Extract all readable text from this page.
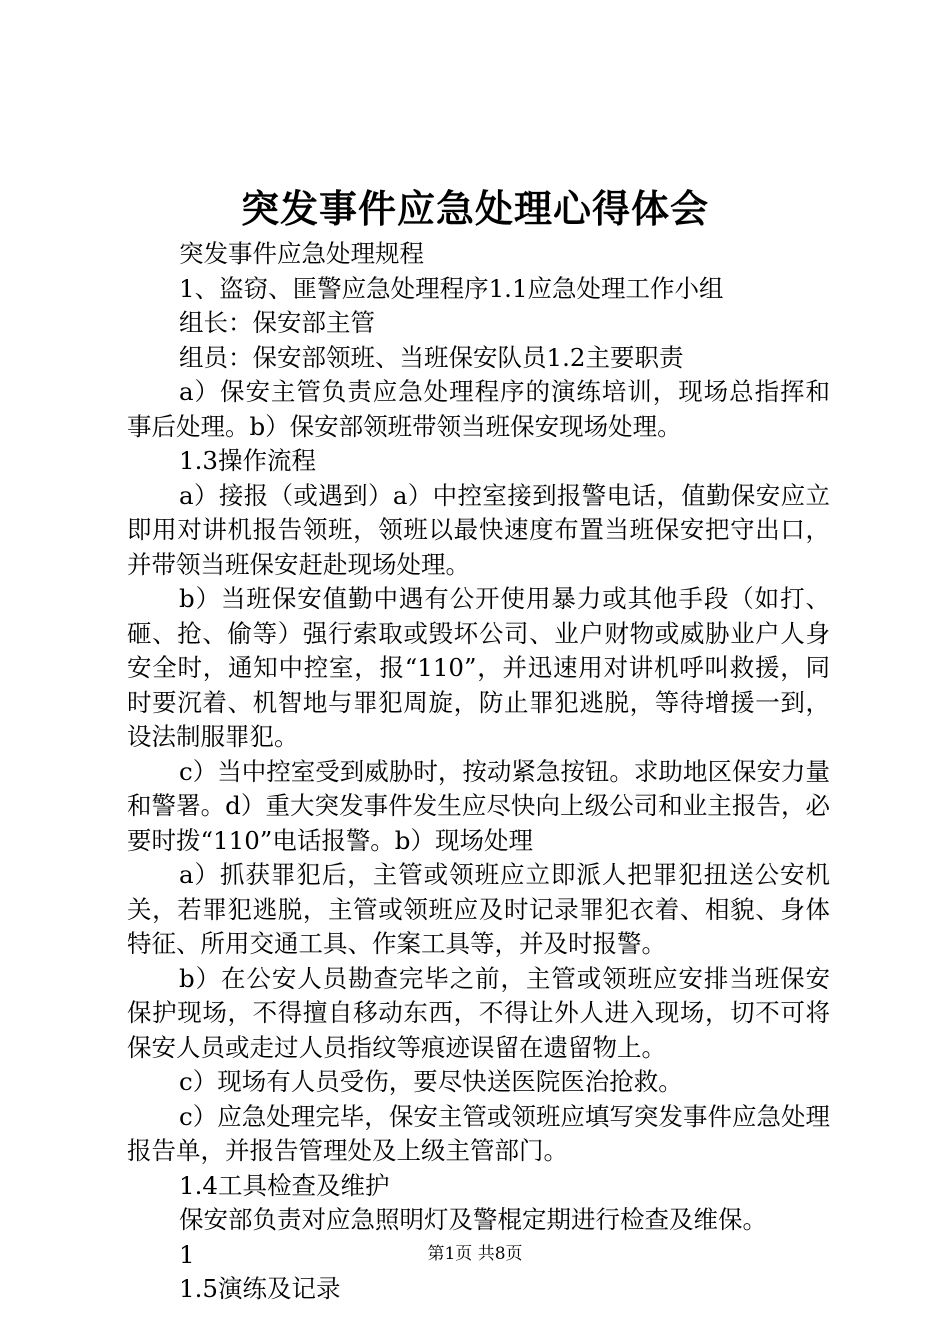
突发事件应急处理心得体会

突发事件应急处理规程

1、盗窃、匪警应急处理程序1.1应急处理工作小组

组长：保安部主管

组员：保安部领班、当班保安队员1.2主要职责

a）保安主管负责应急处理程序的演练培训，现场总指挥和事后处理。b）保安部领班带领当班保安现场处理。

1.3操作流程

a）接报（或遇到）a）中控室接到报警电话，值勤保安应立即用对讲机报告领班，领班以最快速度布置当班保安把守出口，并带领当班保安赶赴现场处理。

b）当班保安值勤中遇有公开使用暴力或其他手段（如打、砸、抢、偷等）强行索取或毁坏公司、业户财物或威胁业户人身安全时，通知中控室，报“110”，并迅速用对讲机呼叫救援，同时要沉着、机智地与罪犯周旋，防止罪犯逃脱，等待增援一到，设法制服罪犯。

c）当中控室受到威胁时，按动紧急按钮。求助地区保安力量和警署。d）重大突发事件发生应尽快向上级公司和业主报告，必要时拨“110”电话报警。b）现场处理

a）抓获罪犯后，主管或领班应立即派人把罪犯扭送公安机关，若罪犯逃脱，主管或领班应及时记录罪犯衣着、相貌、身体特征、所用交通工具、作案工具等，并及时报警。

b）在公安人员勘查完毕之前，主管或领班应安排当班保安保护现场，不得擅自移动东西，不得让外人进入现场，切不可将保安人员或走过人员指纹等痕迹误留在遗留物上。

c）现场有人员受伤，要尽快送医院医治抢救。

c）应急处理完毕，保安主管或领班应填写突发事件应急处理报告单，并报告管理处及上级主管部门。

1.4工具检查及维护

保安部负责对应急照明灯及警棍定期进行检查及维保。

1

1.5演练及记录

第1页 共8页
